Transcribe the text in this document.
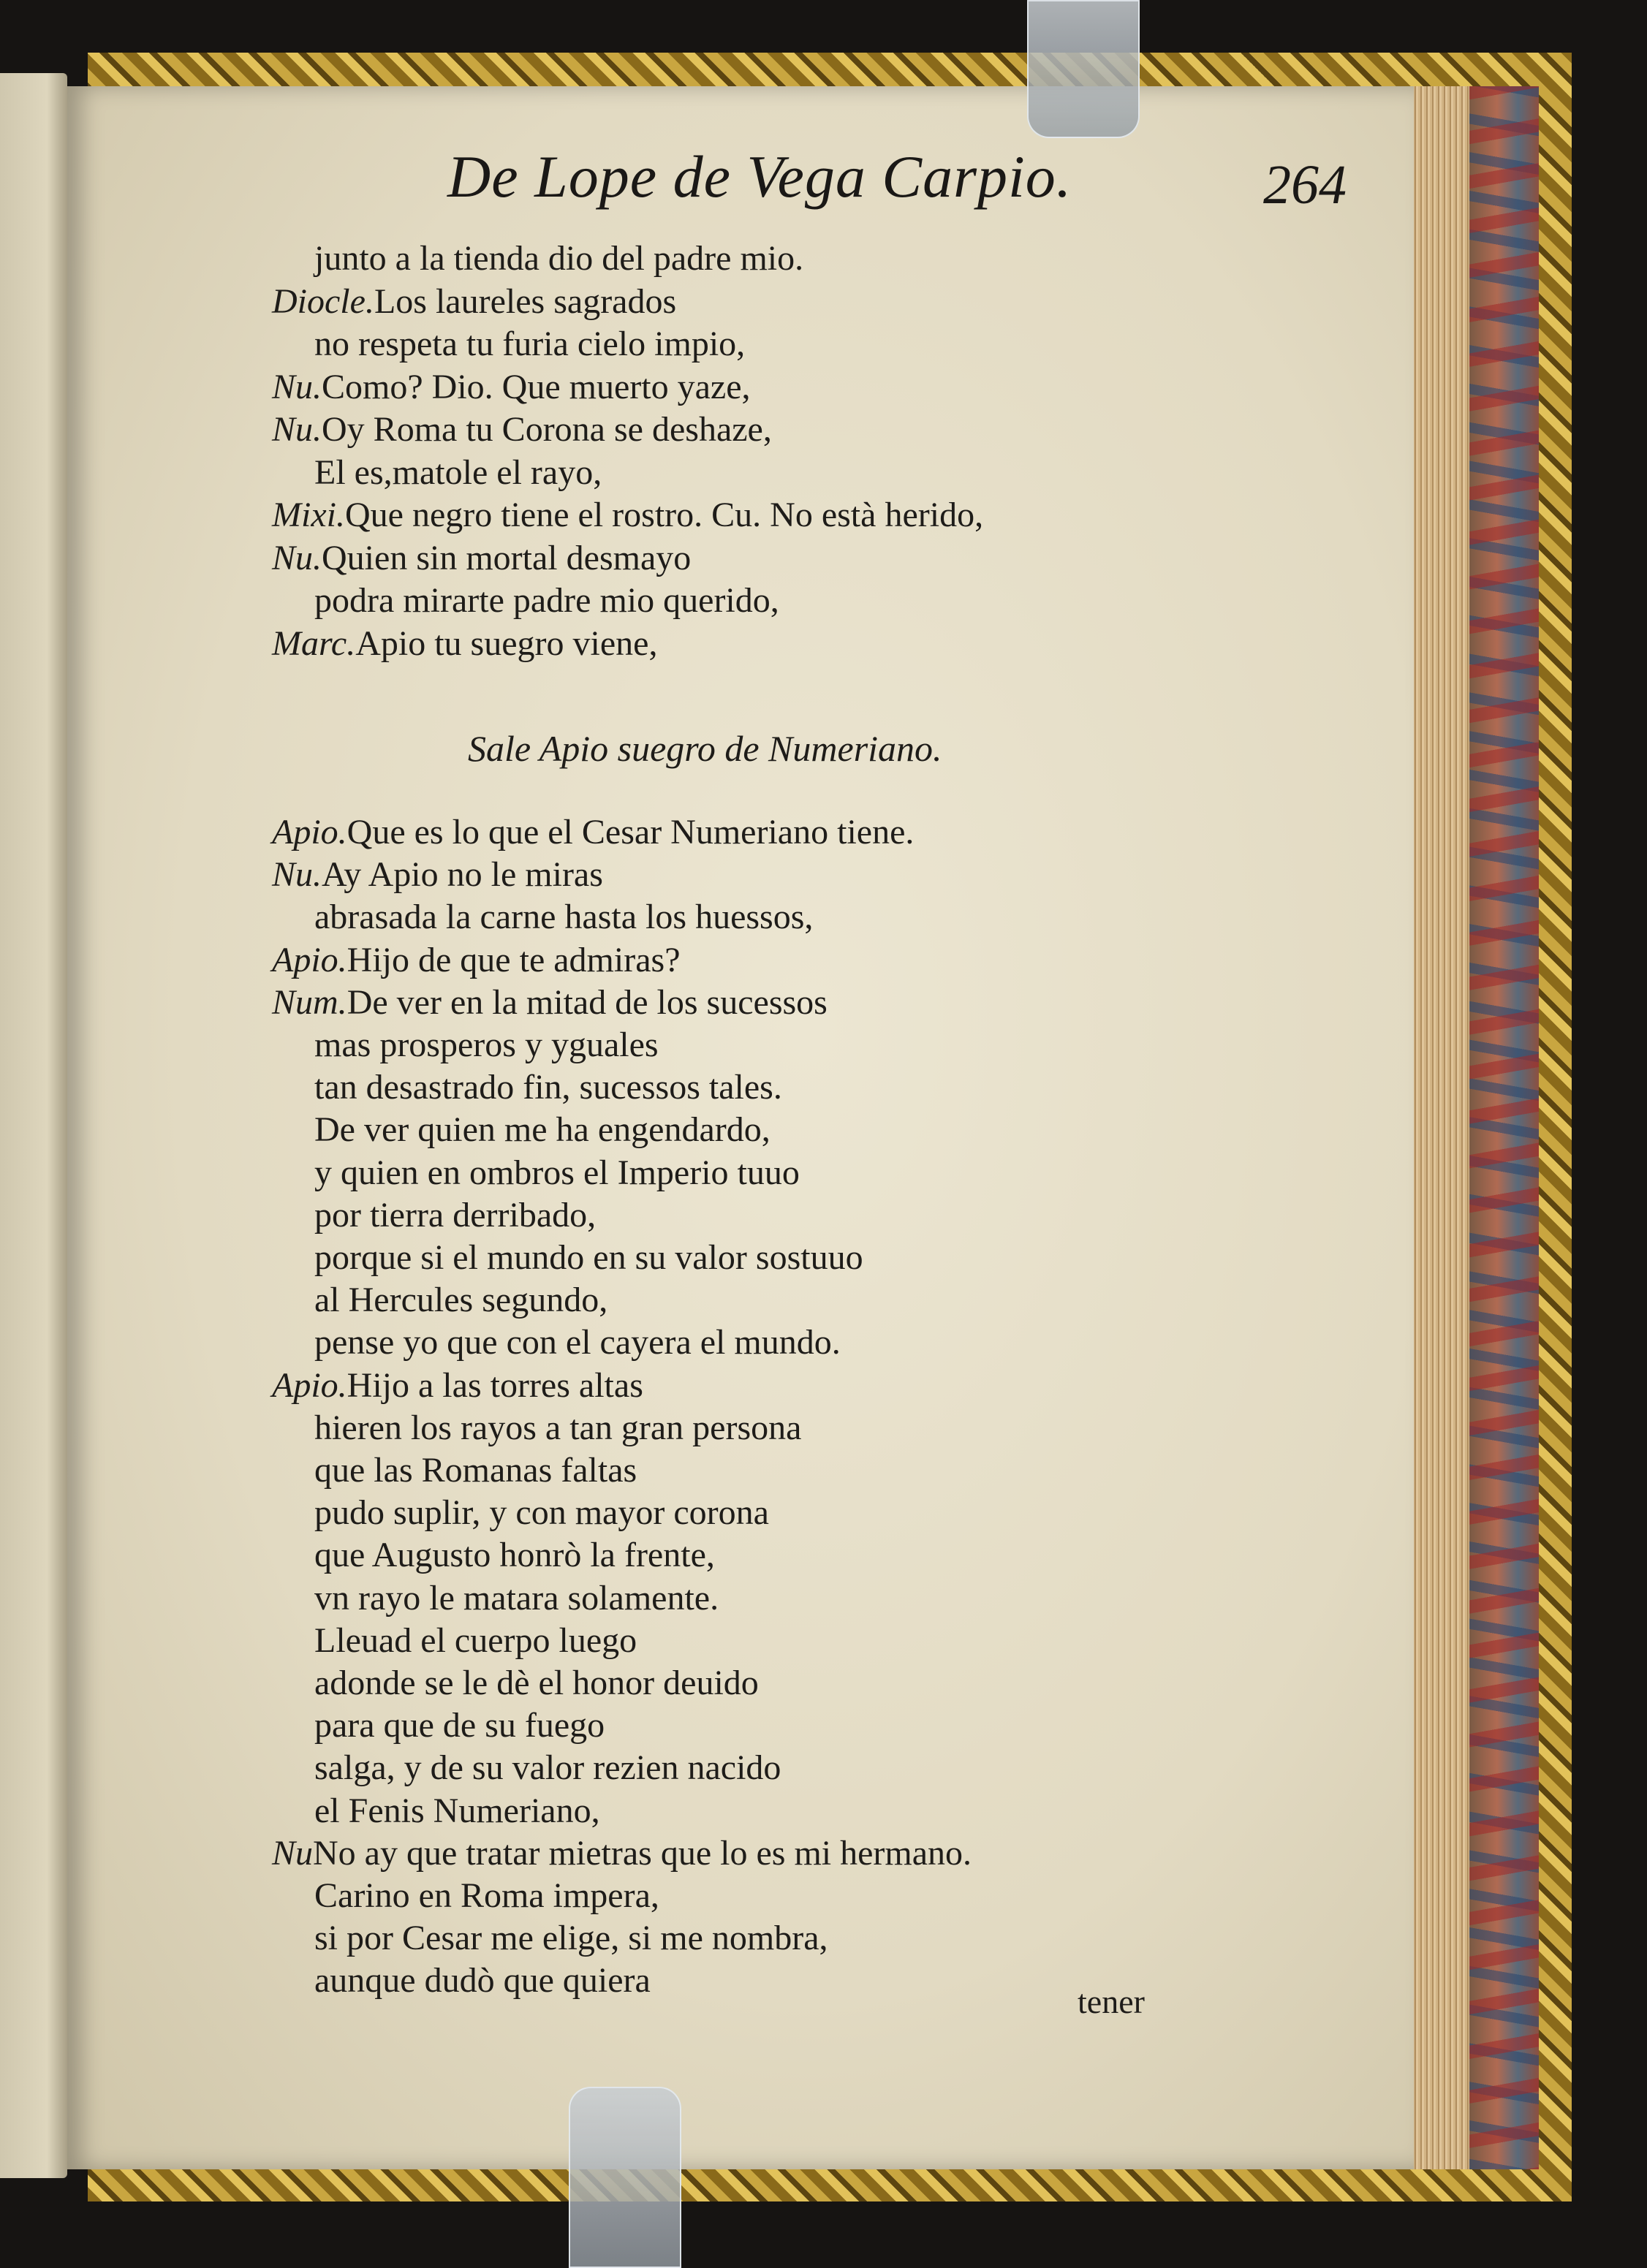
De Lope de Vega Carpio.	264
Sale Apio suegro de Numeriano.
tener
junto a la tienda dio del padre mio.
Diocle.Los laureles sagrados
no respeta tu furia cielo impio,
Nu.Como? Dio. Que muerto yaze,
Nu.Oy Roma tu Corona se deshaze,
El es,matole el rayo,
Mixi.Que negro tiene el rostro. Cu. No està herido,
Nu.Quien sin mortal desmayo
podra mirarte padre mio querido,
Marc.Apio tu suegro viene,
Apio.Que es lo que el Cesar Numeriano tiene.
Nu.Ay Apio no le miras
abrasada la carne hasta los huessos,
Apio.Hijo de que te admiras?
Num.De ver en la mitad de los sucessos
mas prosperos y yguales
tan desastrado fin, sucessos tales.
De ver quien me ha engendardo,
y quien en ombros el Imperio tuuo
por tierra derribado,
porque si el mundo en su valor sostuuo
al Hercules segundo,
pense yo que con el cayera el mundo.
Apio.Hijo a las torres altas
hieren los rayos a tan gran persona
que las Romanas faltas
pudo suplir, y con mayor corona
que Augusto honrò la frente,
vn rayo le matara solamente.
Lleuad el cuerpo luego
adonde se le dè el honor deuido
para que de su fuego
salga, y de su valor rezien nacido
el Fenis Numeriano,
NuNo ay que tratar mietras que lo es mi hermano.
Carino en Roma impera,
si por Cesar me elige, si me nombra,
aunque dudò que quiera
